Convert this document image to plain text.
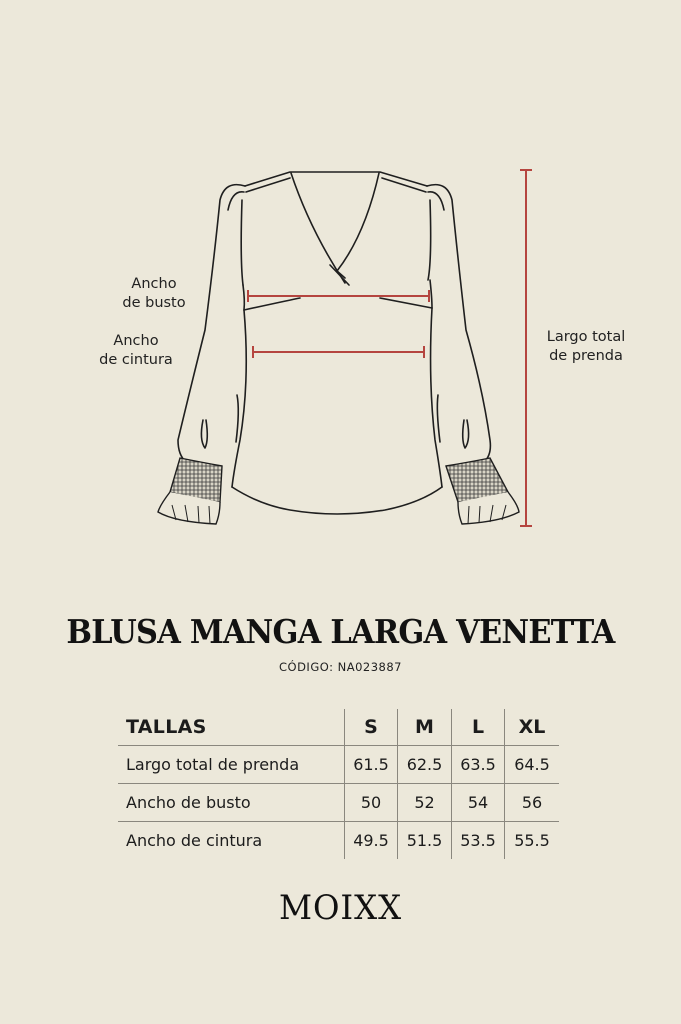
Ancho
de busto
Ancho
de cintura
Largo total
de prenda
BLUSA MANGA LARGA VENETTA
CÓDIGO: NA023887
TALLAS	S	M	L	XL
Largo total de prenda	61.5	62.5	63.5	64.5
Ancho de busto	50	52	54	56
Ancho de cintura	49.5	51.5	53.5	55.5
MOIXX
